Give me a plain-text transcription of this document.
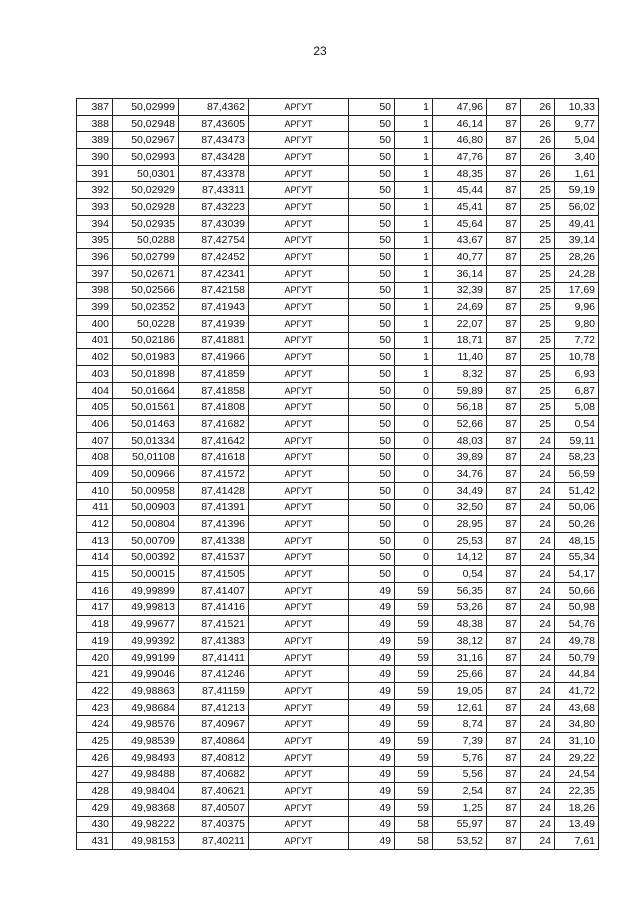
23
387	50,02999	87,4362	АРГУТ	50	1	47,96	87	26	10,33
388	50,02948	87,43605	АРГУТ	50	1	46,14	87	26	9,77
389	50,02967	87,43473	АРГУТ	50	1	46,80	87	26	5,04
390	50,02993	87,43428	АРГУТ	50	1	47,76	87	26	3,40
391	50,0301	87,43378	АРГУТ	50	1	48,35	87	26	1,61
392	50,02929	87,43311	АРГУТ	50	1	45,44	87	25	59,19
393	50,02928	87,43223	АРГУТ	50	1	45,41	87	25	56,02
394	50,02935	87,43039	АРГУТ	50	1	45,64	87	25	49,41
395	50,0288	87,42754	АРГУТ	50	1	43,67	87	25	39,14
396	50,02799	87,42452	АРГУТ	50	1	40,77	87	25	28,26
397	50,02671	87,42341	АРГУТ	50	1	36,14	87	25	24,28
398	50,02566	87,42158	АРГУТ	50	1	32,39	87	25	17,69
399	50,02352	87,41943	АРГУТ	50	1	24,69	87	25	9,96
400	50,0228	87,41939	АРГУТ	50	1	22,07	87	25	9,80
401	50,02186	87,41881	АРГУТ	50	1	18,71	87	25	7,72
402	50,01983	87,41966	АРГУТ	50	1	11,40	87	25	10,78
403	50,01898	87,41859	АРГУТ	50	1	8,32	87	25	6,93
404	50,01664	87,41858	АРГУТ	50	0	59,89	87	25	6,87
405	50,01561	87,41808	АРГУТ	50	0	56,18	87	25	5,08
406	50,01463	87,41682	АРГУТ	50	0	52,66	87	25	0,54
407	50,01334	87,41642	АРГУТ	50	0	48,03	87	24	59,11
408	50,01108	87,41618	АРГУТ	50	0	39,89	87	24	58,23
409	50,00966	87,41572	АРГУТ	50	0	34,76	87	24	56,59
410	50,00958	87,41428	АРГУТ	50	0	34,49	87	24	51,42
411	50,00903	87,41391	АРГУТ	50	0	32,50	87	24	50,06
412	50,00804	87,41396	АРГУТ	50	0	28,95	87	24	50,26
413	50,00709	87,41338	АРГУТ	50	0	25,53	87	24	48,15
414	50,00392	87,41537	АРГУТ	50	0	14,12	87	24	55,34
415	50,00015	87,41505	АРГУТ	50	0	0,54	87	24	54,17
416	49,99899	87,41407	АРГУТ	49	59	56,35	87	24	50,66
417	49,99813	87,41416	АРГУТ	49	59	53,26	87	24	50,98
418	49,99677	87,41521	АРГУТ	49	59	48,38	87	24	54,76
419	49,99392	87,41383	АРГУТ	49	59	38,12	87	24	49,78
420	49,99199	87,41411	АРГУТ	49	59	31,16	87	24	50,79
421	49,99046	87,41246	АРГУТ	49	59	25,66	87	24	44,84
422	49,98863	87,41159	АРГУТ	49	59	19,05	87	24	41,72
423	49,98684	87,41213	АРГУТ	49	59	12,61	87	24	43,68
424	49,98576	87,40967	АРГУТ	49	59	8,74	87	24	34,80
425	49,98539	87,40864	АРГУТ	49	59	7,39	87	24	31,10
426	49,98493	87,40812	АРГУТ	49	59	5,76	87	24	29,22
427	49,98488	87,40682	АРГУТ	49	59	5,56	87	24	24,54
428	49,98404	87,40621	АРГУТ	49	59	2,54	87	24	22,35
429	49,98368	87,40507	АРГУТ	49	59	1,25	87	24	18,26
430	49,98222	87,40375	АРГУТ	49	58	55,97	87	24	13,49
431	49,98153	87,40211	АРГУТ	49	58	53,52	87	24	7,61
